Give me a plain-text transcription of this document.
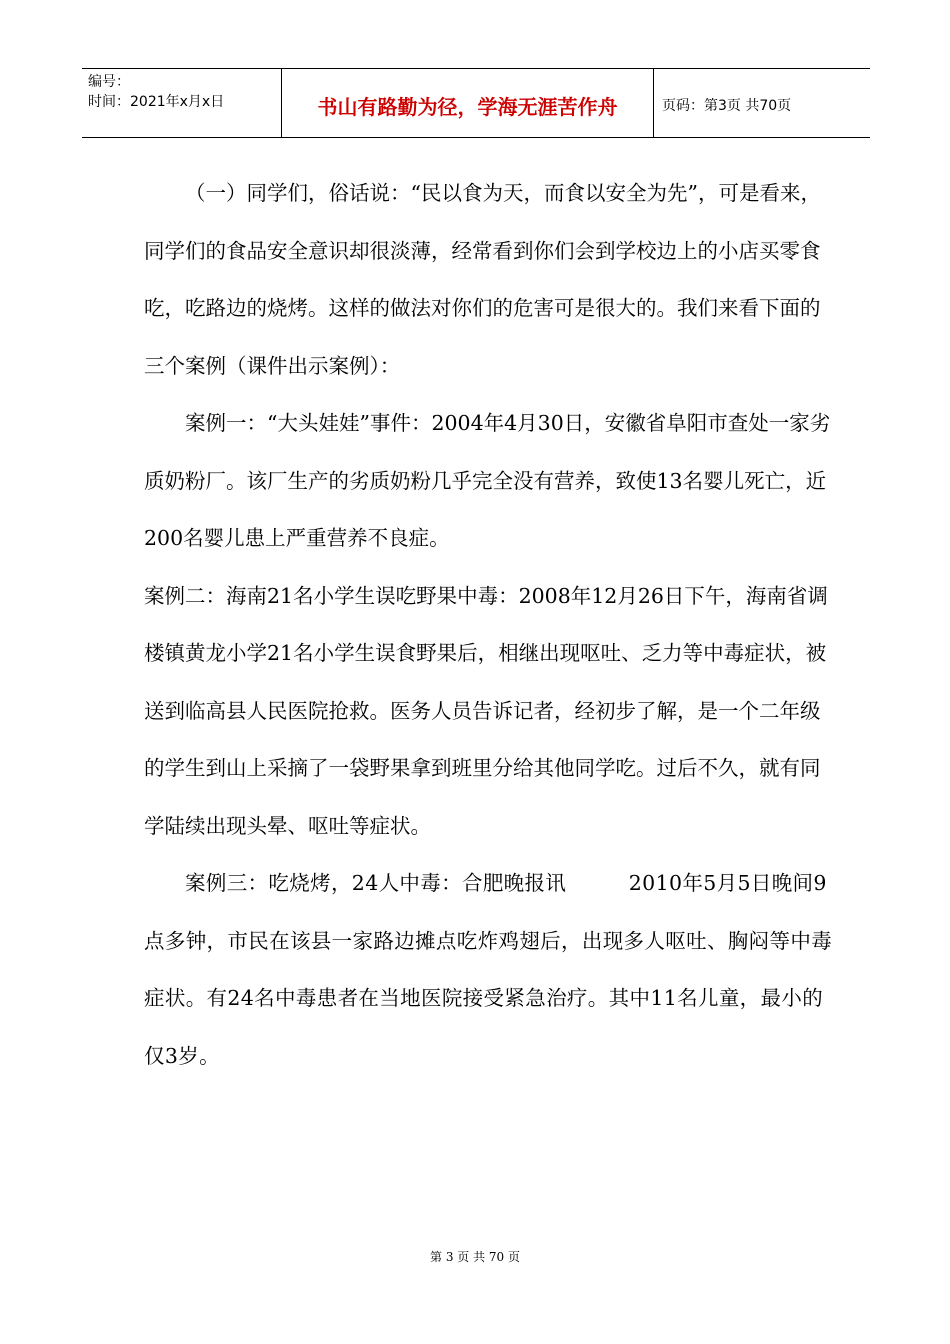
编号：
时间：2021年x月x日	书山有路勤为径，学海无涯苦作舟	页码：第3页 共70页

（一）同学们，俗话说：“民以食为天，而食以安全为先”，可是看来，同学们的食品安全意识却很淡薄，经常看到你们会到学校边上的小店买零食吃，吃路边的烧烤。这样的做法对你们的危害可是很大的。我们来看下面的三个案例（课件出示案例）：

案例一：“大头娃娃”事件：2004年4月30日，安徽省阜阳市查处一家劣质奶粉厂。该厂生产的劣质奶粉几乎完全没有营养，致使13名婴儿死亡，近200名婴儿患上严重营养不良症。

案例二：海南21名小学生误吃野果中毒：2008年12月26日下午，海南省调楼镇黄龙小学21名小学生误食野果后，相继出现呕吐、乏力等中毒症状，被送到临高县人民医院抢救。医务人员告诉记者，经初步了解，是一个二年级的学生到山上采摘了一袋野果拿到班里分给其他同学吃。过后不久，就有同学陆续出现头晕、呕吐等症状。

案例三：吃烧烤，24人中毒：合肥晚报讯　　　2010年5月5日晚间9点多钟，市民在该县一家路边摊点吃炸鸡翅后，出现多人呕吐、胸闷等中毒症状。有24名中毒患者在当地医院接受紧急治疗。其中11名儿童，最小的仅3岁。

第 3 页 共 70 页
